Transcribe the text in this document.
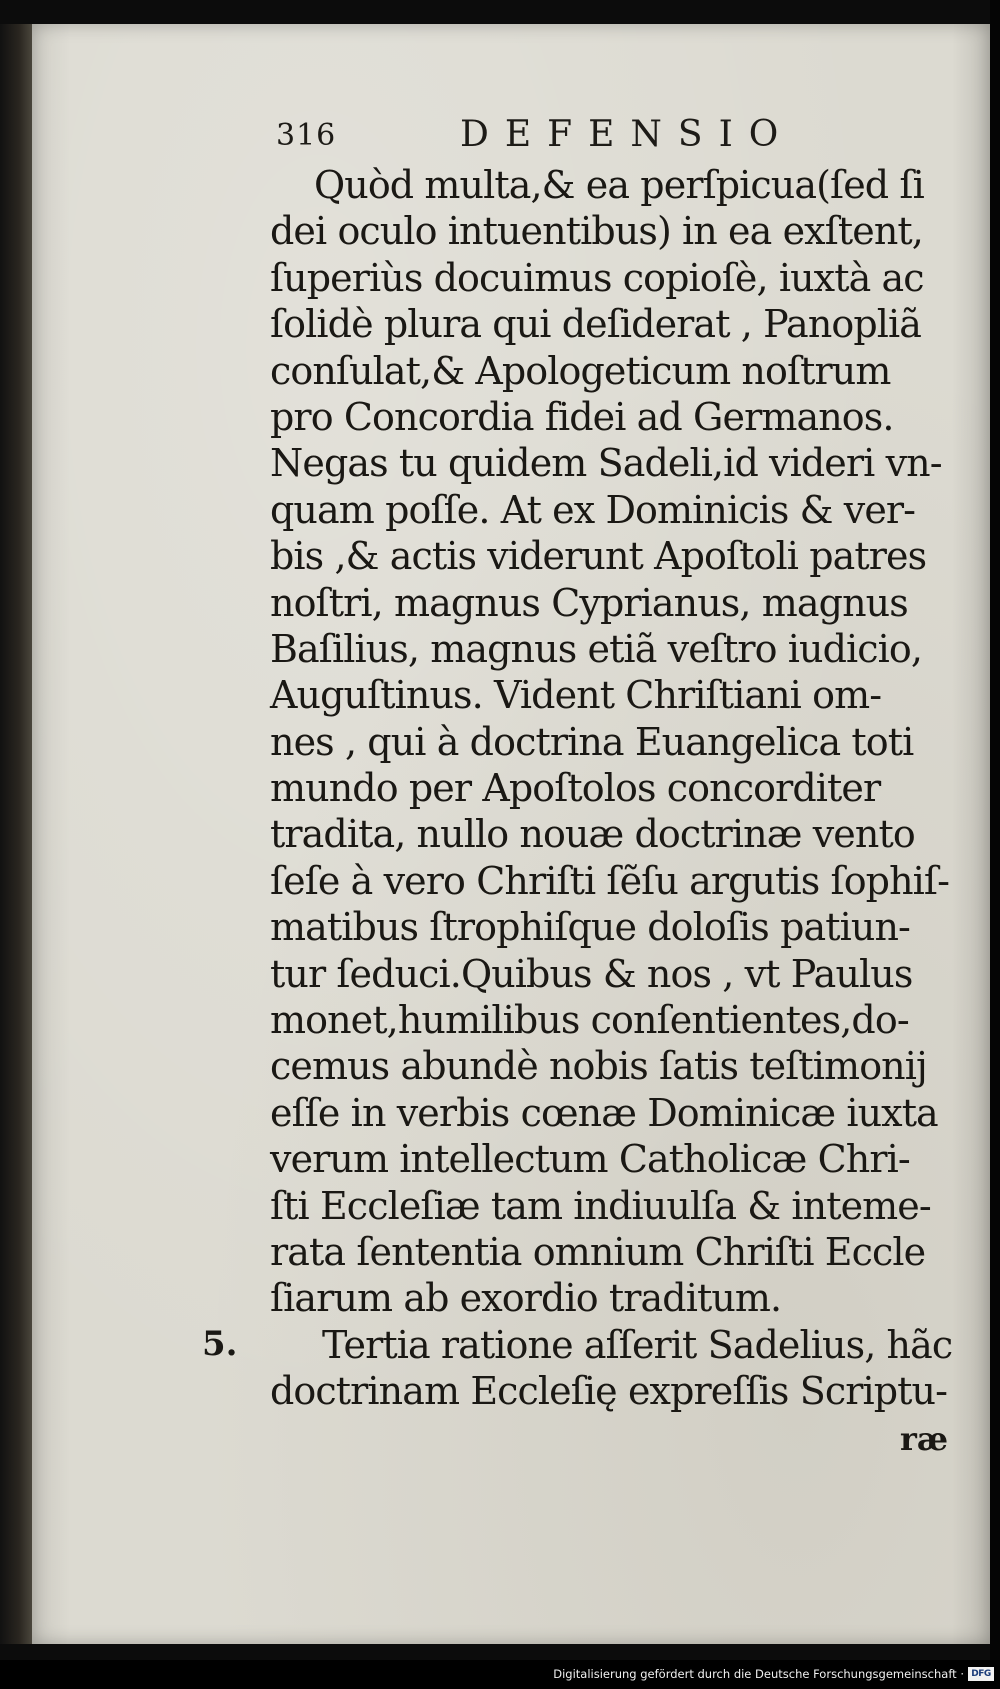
316	DEFENSIO
Quòd multa,& ea perſpicua(ſed ſi
dei oculo intuentibus) in ea exſtent,
ſuperiùs docuimus copioſè, iuxtà ac
ſolidè plura qui deſiderat , Panopliã
conſulat,& Apologeticum noſtrum
pro Concordia fidei ad Germanos.
Negas tu quidem Sadeli,id videri vn-
quam poſſe. At ex Dominicis & ver-
bis ,& actis viderunt Apoſtoli patres
noſtri, magnus Cyprianus, magnus
Baſilius, magnus etiã veſtro iudicio,
Auguſtinus. Vident Chriſtiani om-
nes , qui à doctrina Euangelica toti
mundo per Apoſtolos concorditer
tradita, nullo nouæ doctrinæ vento
ſeſe à vero Chriſti ſẽſu argutis ſophiſ-
matibus ſtrophiſque doloſis patiun-
tur ſeduci.Quibus & nos , vt Paulus
monet,humilibus conſentientes,do-
cemus abundè nobis ſatis teſtimonij
eſſe in verbis cœnæ Dominicæ iuxta
verum intellectum Catholicæ Chri-
ſti Eccleſiæ tam indiuulſa & inteme-
rata ſententia omnium Chriſti Eccle
ſiarum ab exordio traditum.
Tertia ratione aſſerit Sadelius, hãc
doctrinam Eccleſię expreſſis Scriptu-
5.
ræ
Digitalisierung gefördert durch die Deutsche Forschungsgemeinschaft · DFG
